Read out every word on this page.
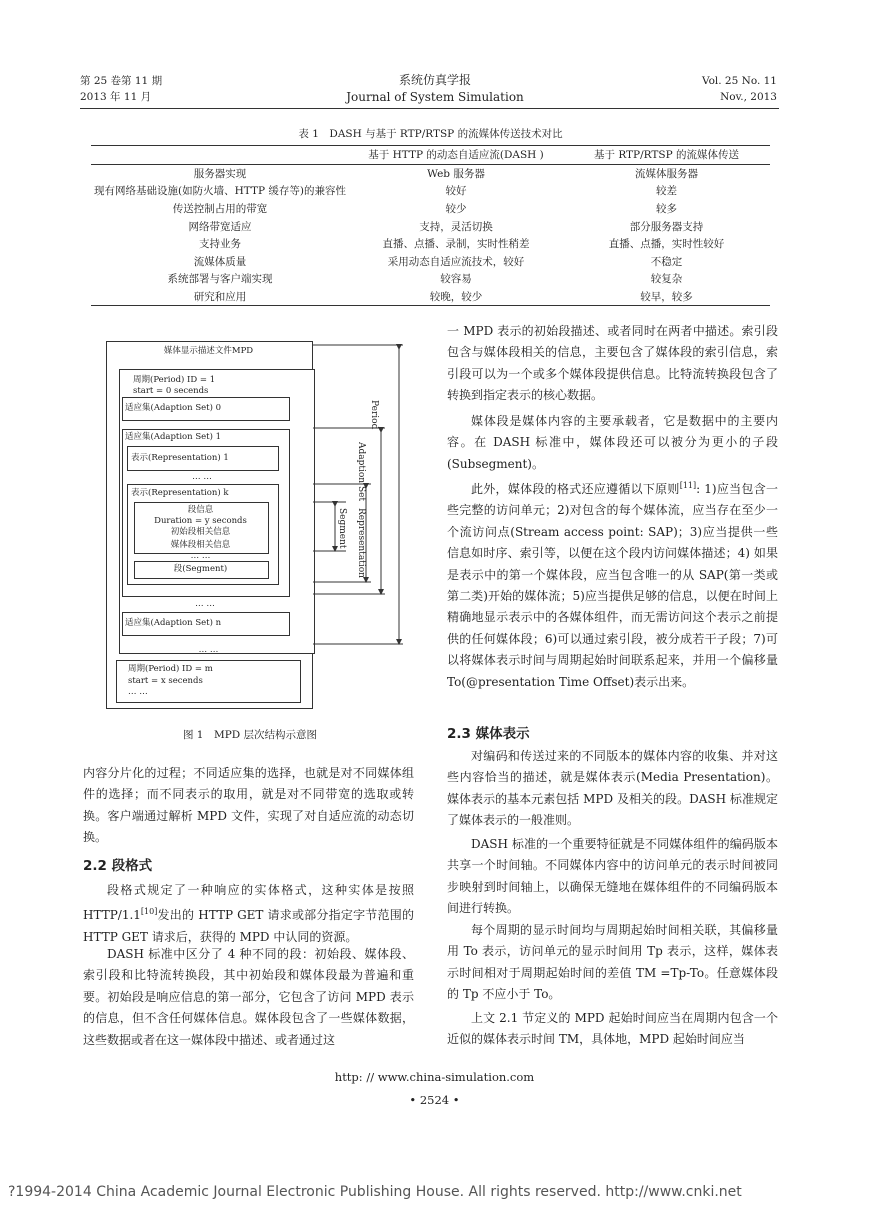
第 25 卷第 11 期
2013 年 11 月
系统仿真学报
Journal of System Simulation
Vol. 25 No. 11
Nov., 2013
表 1　DASH 与基于 RTP/RTSP 的流媒体传送技术对比
	基于 HTTP 的动态自适应流(DASH )	基于 RTP/RTSP 的流媒体传送
服务器实现	Web 服务器	流媒体服务器
现有网络基础设施(如防火墙、HTTP 缓存等)的兼容性	较好	较差
传送控制占用的带宽	较少	较多
网络带宽适应	支持，灵活切换	部分服务器支持
支持业务	直播、点播、录制，实时性稍差	直播、点播，实时性较好
流媒体质量	采用动态自适应流技术，较好	不稳定
系统部署与客户端实现	较容易	较复杂
研究和应用	较晚，较少	较早，较多
媒体显示描述文件MPD
周期(Period) ID = 1
start = 0 secends
适应集(Adaption Set) 0
适应集(Adaption Set) 1
表示(Representation) 1
… …
表示(Representation) k
段信息
Duration = y seconds
初始段相关信息
媒体段相关信息
… …
段(Segment)
… …
适应集(Adaption Set) n
… …
周期(Period) ID = m
start = x secends
… …
Period
Adaption Set
Representation
Segment
图 1　MPD 层次结构示意图

内容分片化的过程；不同适应集的选择，也就是对不同媒体组件的选择；而不同表示的取用，就是对不同带宽的选取或转换。客户端通过解析 MPD 文件，实现了对自适应流的动态切换。

2.2 段格式

段格式规定了一种响应的实体格式，这种实体是按照 HTTP/1.1[10]发出的 HTTP GET 请求或部分指定字节范围的 HTTP GET 请求后，获得的 MPD 中认同的资源。

DASH 标准中区分了 4 种不同的段：初始段、媒体段、索引段和比特流转换段，其中初始段和媒体段最为普遍和重要。初始段是响应信息的第一部分，它包含了访问 MPD 表示的信息，但不含任何媒体信息。媒体段包含了一些媒体数据，这些数据或者在这一媒体段中描述、或者通过这

一 MPD 表示的初始段描述、或者同时在两者中描述。索引段包含与媒体段相关的信息，主要包含了媒体段的索引信息，索引段可以为一个或多个媒体段提供信息。比特流转换段包含了转换到指定表示的核心数据。

媒体段是媒体内容的主要承载者，它是数据中的主要内容。在 DASH 标准中，媒体段还可以被分为更小的子段(Subsegment)。

此外，媒体段的格式还应遵循以下原则[11]: 1)应当包含一些完整的访问单元；2)对包含的每个媒体流，应当存在至少一个流访问点(Stream access point: SAP)；3)应当提供一些信息如时序、索引等，以便在这个段内访问媒体描述；4) 如果是表示中的第一个媒体段，应当包含唯一的从 SAP(第一类或第二类)开始的媒体流；5)应当提供足够的信息，以便在时间上精确地显示表示中的各媒体组件，而无需访问这个表示之前提供的任何媒体段；6)可以通过索引段，被分成若干子段；7)可以将媒体表示时间与周期起始时间联系起来，并用一个偏移量 To(@presentation Time Offset)表示出来。

2.3 媒体表示

对编码和传送过来的不同版本的媒体内容的收集、并对这些内容恰当的描述，就是媒体表示(Media Presentation)。媒体表示的基本元素包括 MPD 及相关的段。DASH 标准规定了媒体表示的一般准则。

DASH 标准的一个重要特征就是不同媒体组件的编码版本共享一个时间轴。不同媒体内容中的访问单元的表示时间被同步映射到时间轴上，以确保无缝地在媒体组件的不同编码版本间进行转换。

每个周期的显示时间均与周期起始时间相关联，其偏移量用 To 表示，访问单元的显示时间用 Tp 表示，这样，媒体表示时间相对于周期起始时间的差值 TM =Tp-To。任意媒体段的 Tp 不应小于 To。

上文 2.1 节定义的 MPD 起始时间应当在周期内包含一个近似的媒体表示时间 TM，具体地，MPD 起始时间应当

http: // www.china-simulation.com
• 2524 •
?1994-2014 China Academic Journal Electronic Publishing House. All rights reserved. http://www.cnki.net
